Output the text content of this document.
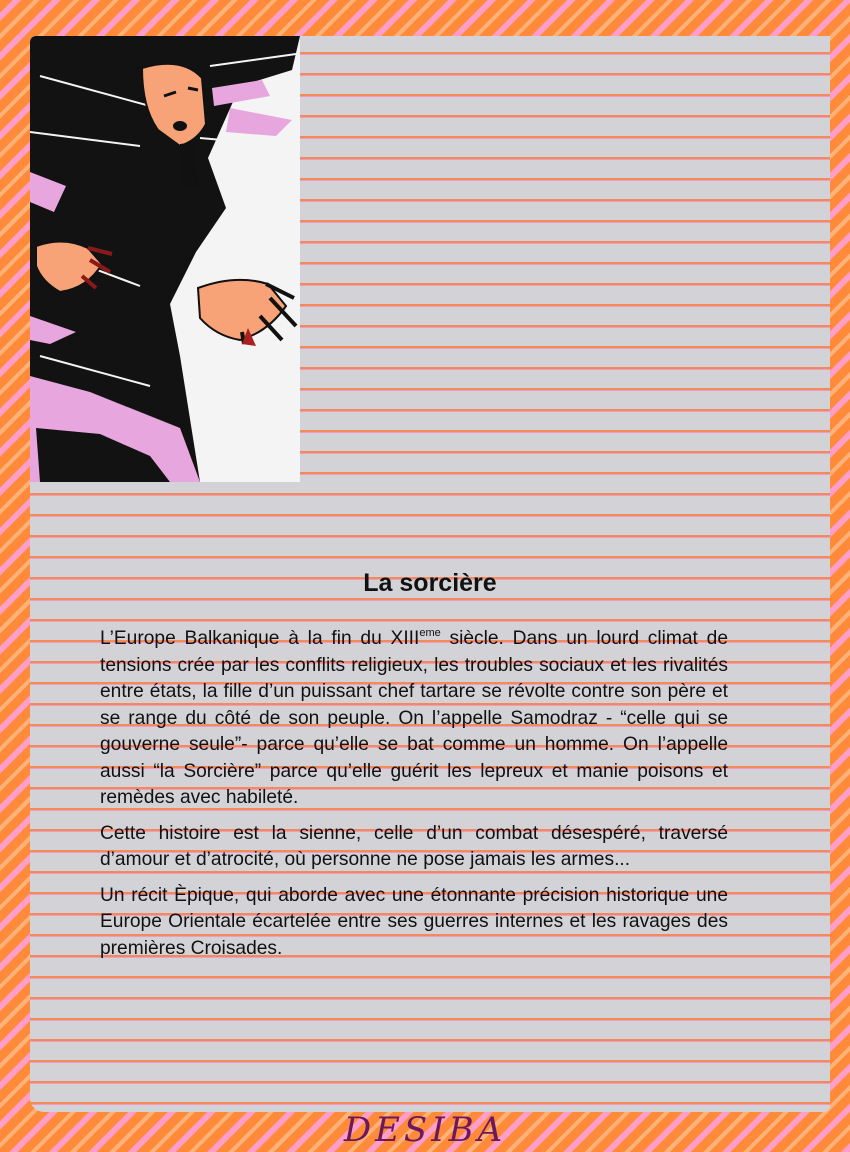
La sorcière

L’Europe Balkanique à la fin du XIIIeme siècle. Dans un lourd climat de tensions crée par les conflits religieux, les troubles sociaux et les rivalités entre états, la fille d’un puissant chef tartare se révolte contre son père et se range du côté de son peuple. On l’appelle Samodraz - “celle qui se gouverne seule”- parce qu’elle se bat comme un homme. On l’appelle aussi “la Sorcière” parce qu’elle guérit les lepreux et manie poisons et remèdes avec habileté.

Cette histoire est la sienne, celle d’un combat désespéré, traversé d’amour et d’atrocité, où personne ne pose jamais les armes...

Un récit Èpique, qui aborde avec une étonnante précision historique une Europe Orientale écartelée entre ses guerres internes et les ravages des premières Croisades.

DESIBA
